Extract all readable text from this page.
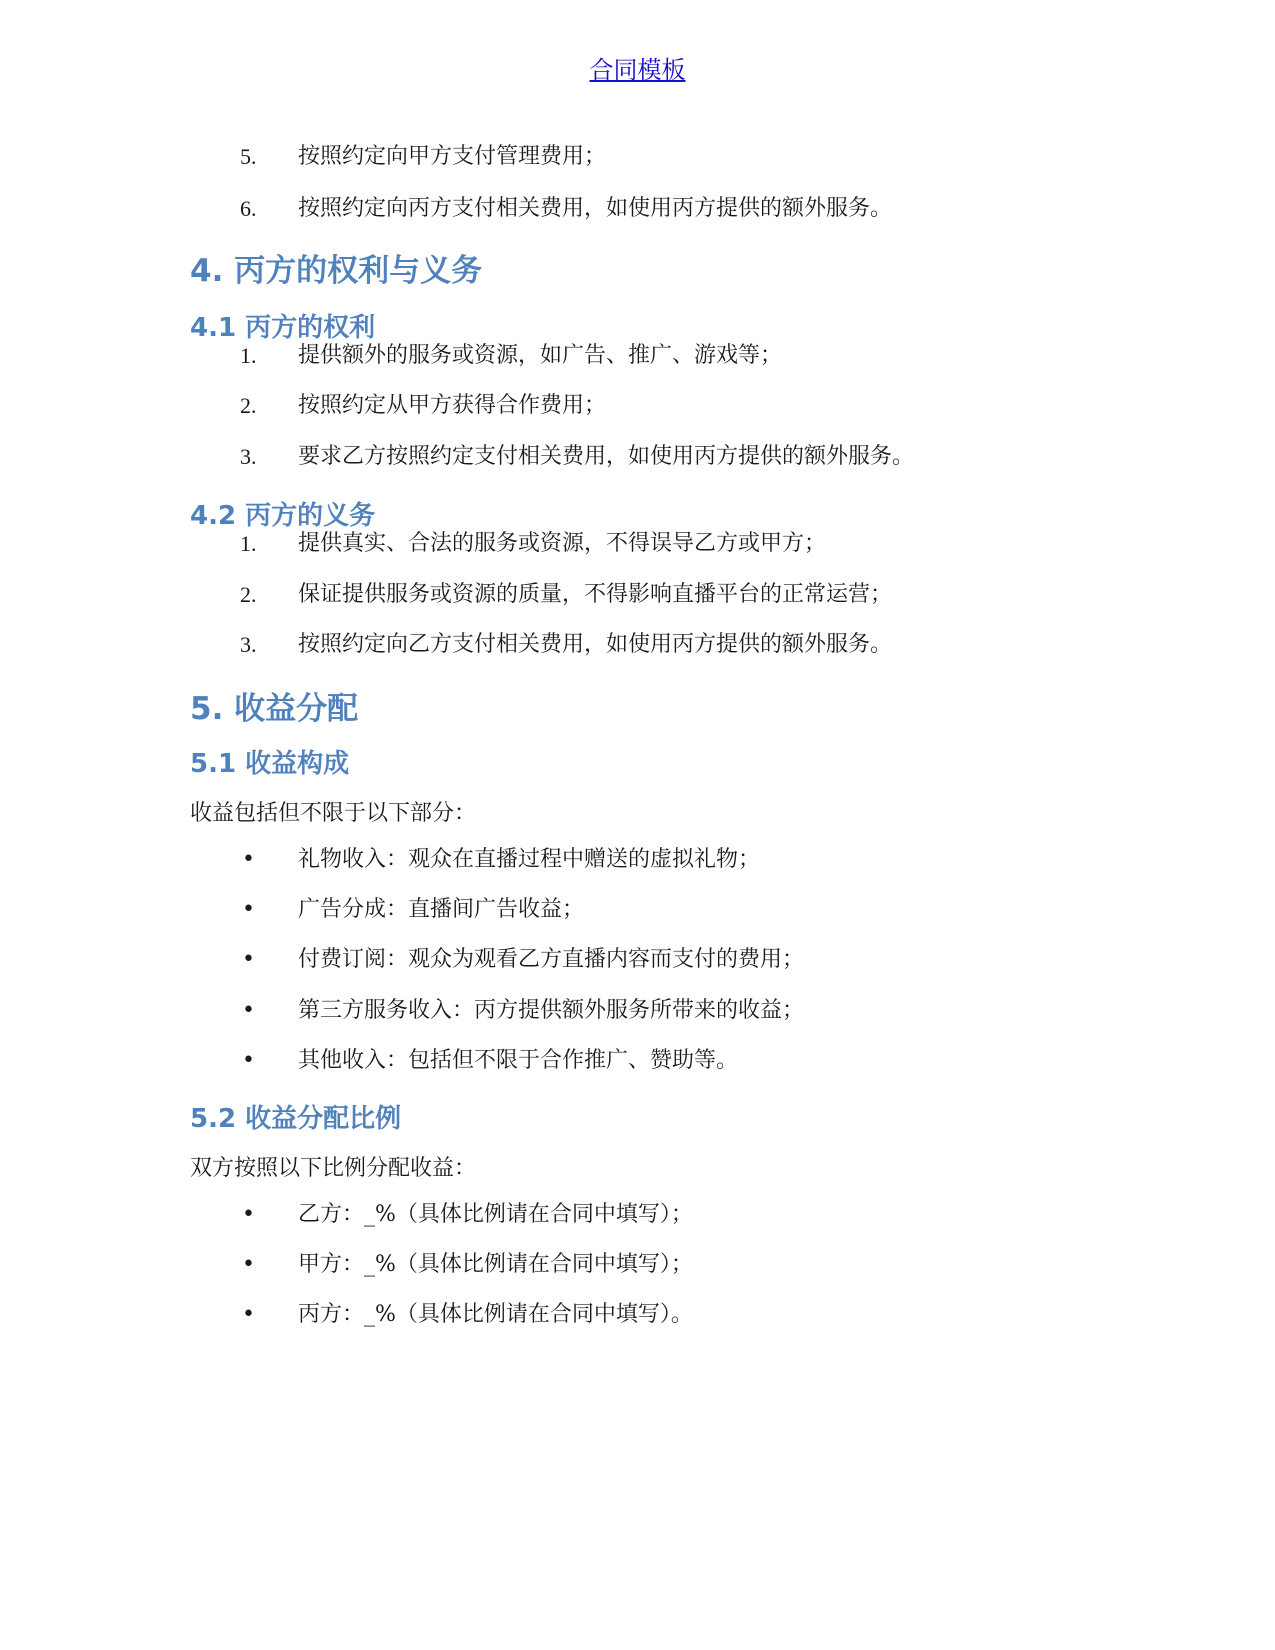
合同模板
5.	按照约定向甲方支付管理费用；
6.	按照约定向丙方支付相关费用，如使用丙方提供的额外服务。
4. 丙方的权利与义务
4.1 丙方的权利
1.	提供额外的服务或资源，如广告、推广、游戏等；
2.	按照约定从甲方获得合作费用；
3.	要求乙方按照约定支付相关费用，如使用丙方提供的额外服务。
4.2 丙方的义务
1.	提供真实、合法的服务或资源，不得误导乙方或甲方；
2.	保证提供服务或资源的质量，不得影响直播平台的正常运营；
3.	按照约定向乙方支付相关费用，如使用丙方提供的额外服务。
5. 收益分配
5.1 收益构成
收益包括但不限于以下部分：
• 礼物收入：观众在直播过程中赠送的虚拟礼物；
• 广告分成：直播间广告收益；
• 付费订阅：观众为观看乙方直播内容而支付的费用；
• 第三方服务收入：丙方提供额外服务所带来的收益；
• 其他收入：包括但不限于合作推广、赞助等。
5.2 收益分配比例
双方按照以下比例分配收益：
• 乙方：_%（具体比例请在合同中填写）；
• 甲方：_%（具体比例请在合同中填写）；
• 丙方：_%（具体比例请在合同中填写）。
